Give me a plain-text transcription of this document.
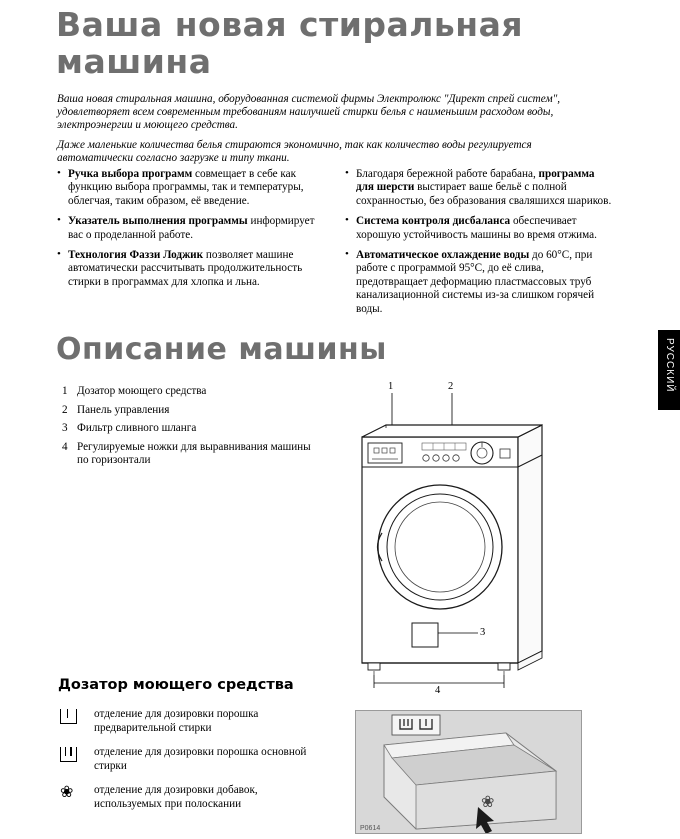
Ваша новая стиральная машина

Ваша новая стиральная машина, оборудованная системой фирмы Электролюкс "Директ спрей систем", удовлетворяет всем современным требованиям наилучшей стирки белья с наименьшим расходом воды, электроэнергии и моющего средства.

Даже маленькие количества белья стираются экономично, так как количество воды регулируется автоматически согласно загрузке и типу ткани.

• Ручка выбора программ совмещает в себе как функцию выбора программы, так и температуры, облегчая, таким образом, её введение.
• Указатель выполнения программы информирует вас о проделанной работе.
• Технология Фаззи Лоджик позволяет машине автоматически рассчитывать продолжительность стирки в программах для хлопка и льна.
• Благодаря бережной работе барабана, программа для шерсти выстирает ваше бельё с полной сохранностью, без образования сваляшихся шариков.
• Система контроля дисбаланса обеспечивает хорошую устойчивость машины во время отжима.
• Автоматическое охлаждение воды до 60°С, при работе с программой 95°С, до её слива, предотвращает деформацию пластмассовых труб канализационной системы из-за слишком горячей воды.
Описание машины
1 Дозатор моющего средства
2 Панель управления
3 Фильтр сливного шланга
4 Регулируемые ножки для выравнивания машины по горизонтали
1	2
3
4
Дозатор моющего средства
отделение для дозировки порошка предварительной стирки
отделение для дозировки порошка основной стирки
❀	отделение для дозировки добавок, используемых при полоскании	❀
P0614
РУССКИЙ
